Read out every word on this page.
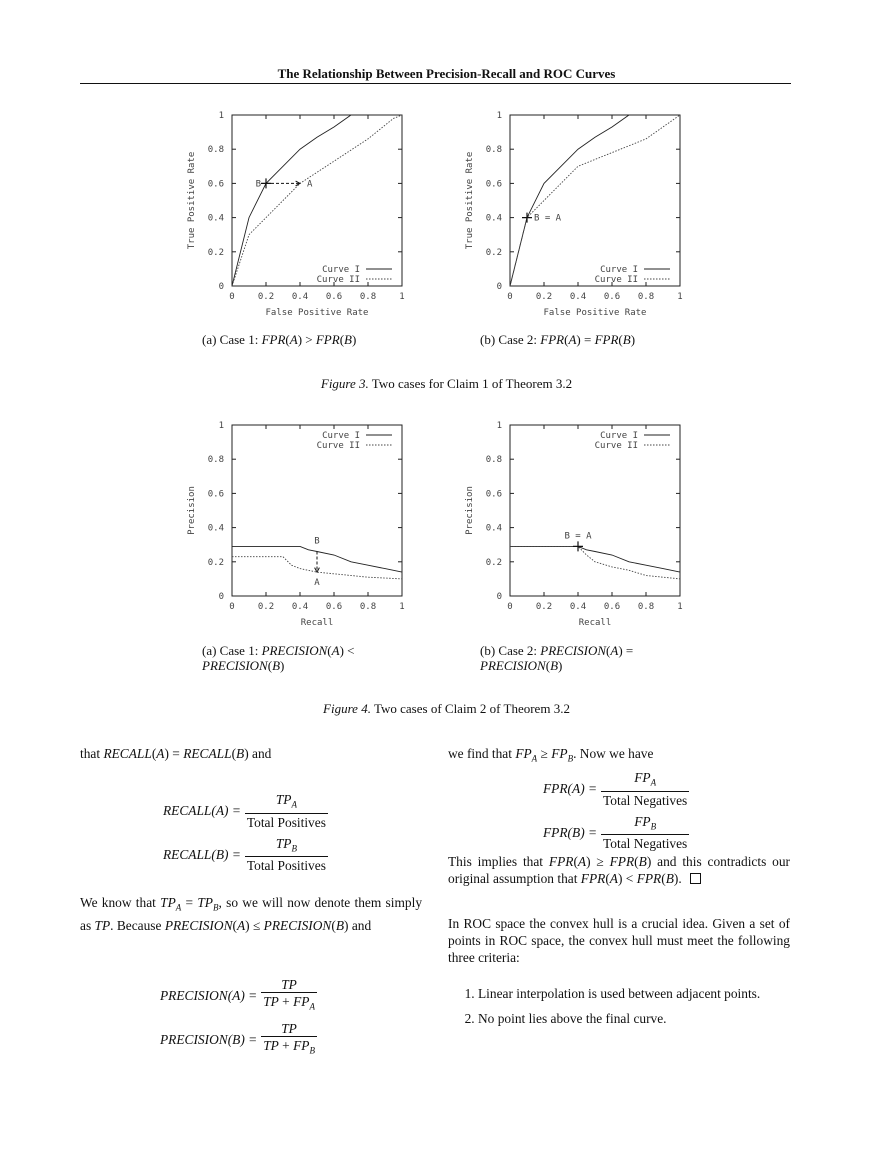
The Relationship Between Precision-Recall and ROC Curves
0	0.2 0.4 0.6 0.8	1
0
0.2
0.4
0.6
0.8
1
False Positive Rate
True Positive Rate
Curve I
Curve II
B	A
0	0.2 0.4 0.6 0.8	1
0
0.2
0.4
0.6
0.8
1
False Positive Rate
True Positive Rate
Curve I
Curve II
B = A
(a) Case 1: FPR(A) > FPR(B)	(b) Case 2: FPR(A) = FPR(B)
Figure 3. Two cases for Claim 1 of Theorem 3.2
0	0.2 0.4 0.6 0.8	1
0
0.2
0.4
0.6
0.8
1
Recall
Precision
Curve I
Curve II
B
A
0	0.2 0.4 0.6 0.8	1
0
0.2
0.4
0.6
0.8
1
Recall
Precision
Curve I
Curve II
B = A
(a) Case 1: PRECISION(A) <
PRECISION(B)
(b) Case 2: PRECISION(A) =
PRECISION(B)
Figure 4. Two cases of Claim 2 of Theorem 3.2
that RECALL(A) = RECALL(B) and
RECALL(A) = $\frac{TP_A}{\text{Total Positives}}$
RECALL(B) = $\frac{TP_B}{\text{Total Positives}}$
We know that $TP_A = TP_B$, so we will now denote them simply as TP. Because PRECISION(A) ≤ PRECISION(B) and
PRECISION(A) = $\frac{TP}{TP + FP_A}$
PRECISION(B) = $\frac{TP}{TP + FP_B}$
we find that $FP_A \ge FP_B$. Now we have
$FPR(A) = \frac{FP_A}{\text{Total Negatives}}$
$FPR(B) = \frac{FP_B}{\text{Total Negatives}}$
This implies that FPR(A) ≥ FPR(B) and this contradicts our original assumption that FPR(A) < FPR(B).
In ROC space the convex hull is a crucial idea. Given a set of points in ROC space, the convex hull must meet the following three criteria:
1. Linear interpolation is used between adjacent points.
2. No point lies above the final curve.
